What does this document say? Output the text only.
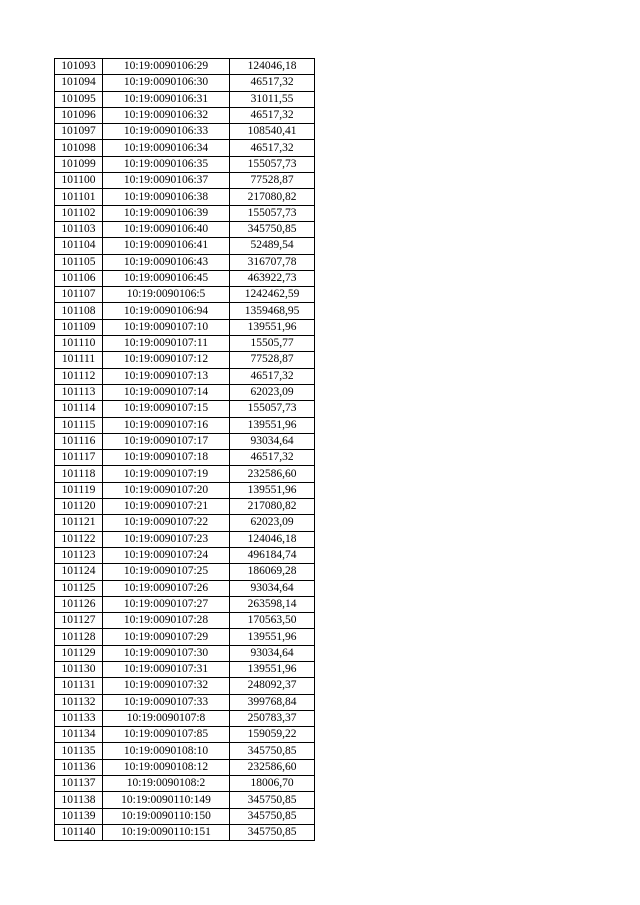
101093	10:19:0090106:29	124046,18
101094	10:19:0090106:30	46517,32
101095	10:19:0090106:31	31011,55
101096	10:19:0090106:32	46517,32
101097	10:19:0090106:33	108540,41
101098	10:19:0090106:34	46517,32
101099	10:19:0090106:35	155057,73
101100	10:19:0090106:37	77528,87
101101	10:19:0090106:38	217080,82
101102	10:19:0090106:39	155057,73
101103	10:19:0090106:40	345750,85
101104	10:19:0090106:41	52489,54
101105	10:19:0090106:43	316707,78
101106	10:19:0090106:45	463922,73
101107	10:19:0090106:5	1242462,59
101108	10:19:0090106:94	1359468,95
101109	10:19:0090107:10	139551,96
101110	10:19:0090107:11	15505,77
101111	10:19:0090107:12	77528,87
101112	10:19:0090107:13	46517,32
101113	10:19:0090107:14	62023,09
101114	10:19:0090107:15	155057,73
101115	10:19:0090107:16	139551,96
101116	10:19:0090107:17	93034,64
101117	10:19:0090107:18	46517,32
101118	10:19:0090107:19	232586,60
101119	10:19:0090107:20	139551,96
101120	10:19:0090107:21	217080,82
101121	10:19:0090107:22	62023,09
101122	10:19:0090107:23	124046,18
101123	10:19:0090107:24	496184,74
101124	10:19:0090107:25	186069,28
101125	10:19:0090107:26	93034,64
101126	10:19:0090107:27	263598,14
101127	10:19:0090107:28	170563,50
101128	10:19:0090107:29	139551,96
101129	10:19:0090107:30	93034,64
101130	10:19:0090107:31	139551,96
101131	10:19:0090107:32	248092,37
101132	10:19:0090107:33	399768,84
101133	10:19:0090107:8	250783,37
101134	10:19:0090107:85	159059,22
101135	10:19:0090108:10	345750,85
101136	10:19:0090108:12	232586,60
101137	10:19:0090108:2	18006,70
101138	10:19:0090110:149	345750,85
101139	10:19:0090110:150	345750,85
101140	10:19:0090110:151	345750,85
